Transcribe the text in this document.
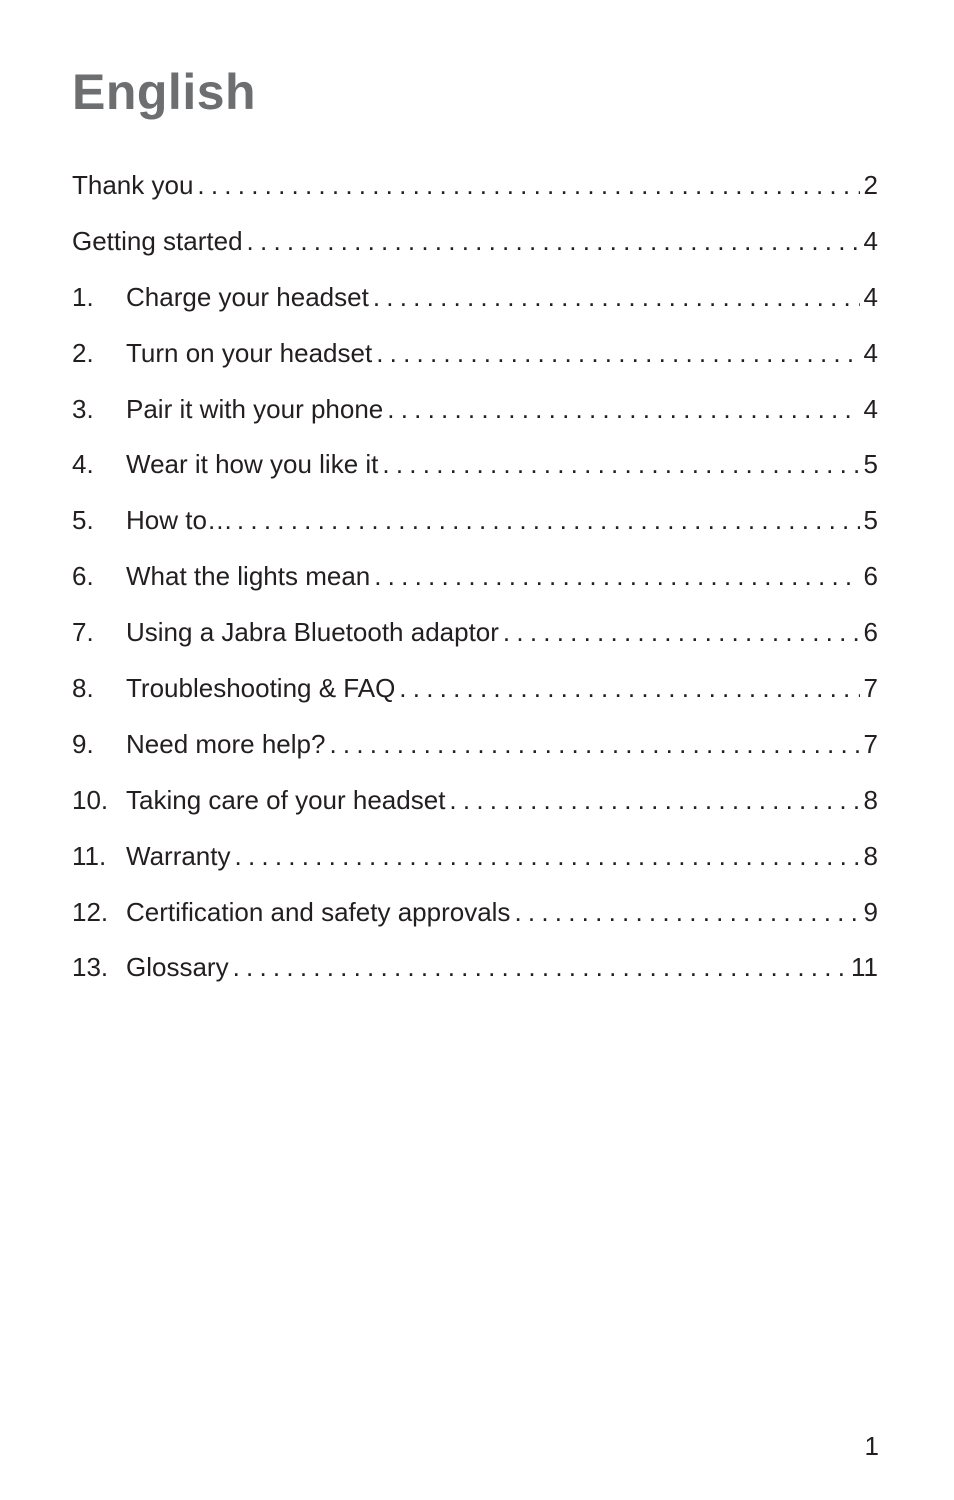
English
Thank you . . .	2
Getting started . . .	4
1.	Charge your headset . . .	4
2.	Turn on your headset . . .	4
3.	Pair it with your phone . . .	4
4.	Wear it how you like it . . .	5
5.	How to… . . .	5
6.	What the lights mean . . .	6
7.	Using a Jabra Bluetooth adaptor . . .	6
8.	Troubleshooting & FAQ . . .	7
9.	Need more help? . . .	7
10. Taking care of your headset . . .	8
11. Warranty . . .	8
12. Certification and safety approvals . . .	9
13. Glossary . . .	11
1
